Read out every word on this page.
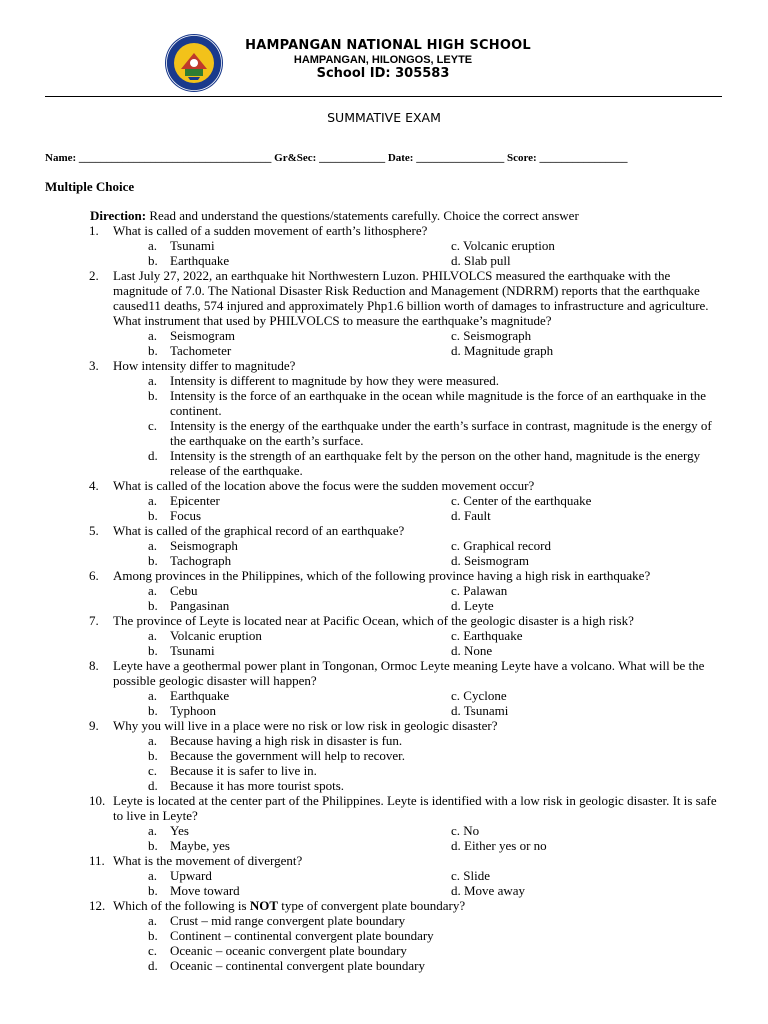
HAMPANGAN NATIONAL HIGH SCHOOL
HAMPANGAN, HILONGOS, LEYTE
School ID: 305583
SUMMATIVE EXAM
Name: ___________________________________ Gr&Sec: ____________ Date: ________________ Score: ________________
Multiple Choice
Direction: Read and understand the questions/statements carefully. Choice the correct answer
1.	What is called of a sudden movement of earth’s lithosphere?
a. Tsunami	c. Volcanic eruption
b. Earthquake	d. Slab pull
2.	Last July 27, 2022, an earthquake hit Northwestern Luzon. PHILVOLCS measured the earthquake with the magnitude of 7.0. The National Disaster Risk Reduction and Management (NDRRM) reports that the earthquake caused11 deaths, 574 injured and approximately Php1.6 billion worth of damages to infrastructure and agriculture. What instrument that used by PHILVOLCS to measure the earthquake’s magnitude?
a. Seismogram	c. Seismograph
b. Tachometer	d. Magnitude graph
3.	How intensity differ to magnitude?
a. Intensity is different to magnitude by how they were measured.
b. Intensity is the force of an earthquake in the ocean while magnitude is the force of an earthquake in the continent.
c. Intensity is the energy of the earthquake under the earth’s surface in contrast, magnitude is the energy of the earthquake on the earth’s surface.
d. Intensity is the strength of an earthquake felt by the person on the other hand, magnitude is the energy release of the earthquake.
4.	What is called of the location above the focus were the sudden movement occur?
a. Epicenter	c. Center of the earthquake
b. Focus	d. Fault
5.	What is called of the graphical record of an earthquake?
a. Seismograph	c. Graphical record
b. Tachograph	d. Seismogram
6.	Among provinces in the Philippines, which of the following province having a high risk in earthquake?
a. Cebu	c. Palawan
b. Pangasinan	d. Leyte
7.	The province of Leyte is located near at Pacific Ocean, which of the geologic disaster is a high risk?
a. Volcanic eruption	c. Earthquake
b. Tsunami	d. None
8.	Leyte have a geothermal power plant in Tongonan, Ormoc Leyte meaning Leyte have a volcano. What will be the possible geologic disaster will happen?
a. Earthquake	c. Cyclone
b. Typhoon	d. Tsunami
9.	Why you will live in a place were no risk or low risk in geologic disaster?
a. Because having a high risk in disaster is fun.
b. Because the government will help to recover.
c. Because it is safer to live in.
d. Because it has more tourist spots.
10. Leyte is located at the center part of the Philippines. Leyte is identified with a low risk in geologic disaster. It is safe to live in Leyte?
a. Yes	c. No
b. Maybe, yes	d. Either yes or no
11. What is the movement of divergent?
a. Upward	c. Slide
b. Move toward	d. Move away
12. Which of the following is NOT type of convergent plate boundary?
a. Crust – mid range convergent plate boundary
b. Continent – continental convergent plate boundary
c. Oceanic – oceanic convergent plate boundary
d. Oceanic – continental convergent plate boundary
